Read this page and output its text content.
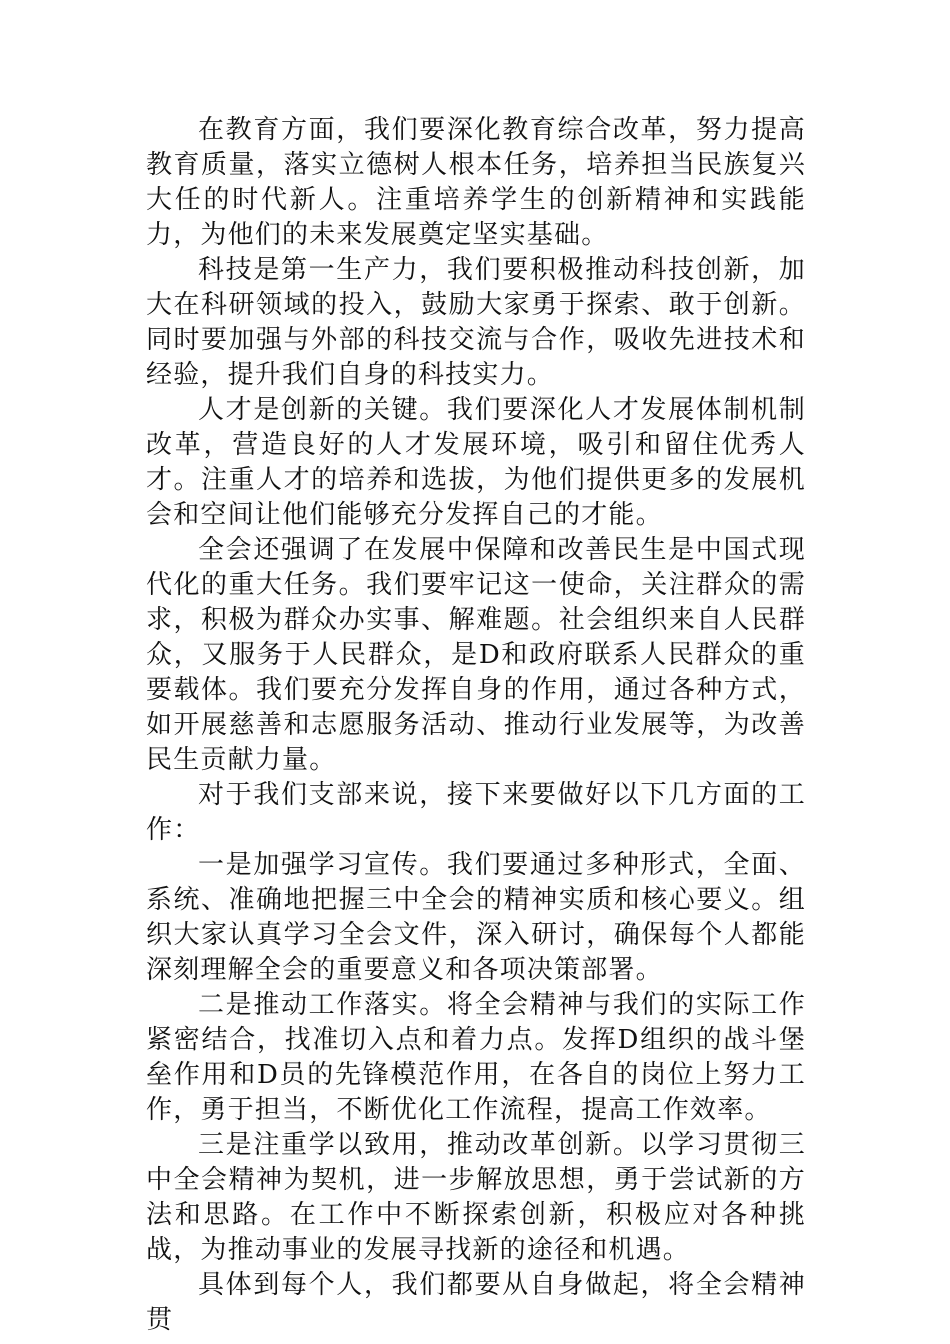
在教育方面，我们要深化教育综合改革，努力提高教育质量，落实立德树人根本任务，培养担当民族复兴大任的时代新人。注重培养学生的创新精神和实践能力，为他们的未来发展奠定坚实基础。

科技是第一生产力，我们要积极推动科技创新，加大在科研领域的投入，鼓励大家勇于探索、敢于创新。同时要加强与外部的科技交流与合作，吸收先进技术和经验，提升我们自身的科技实力。

人才是创新的关键。我们要深化人才发展体制机制改革，营造良好的人才发展环境，吸引和留住优秀人才。注重人才的培养和选拔，为他们提供更多的发展机会和空间让他们能够充分发挥自己的才能。

全会还强调了在发展中保障和改善民生是中国式现代化的重大任务。我们要牢记这一使命，关注群众的需求，积极为群众办实事、解难题。社会组织来自人民群众，又服务于人民群众，是D和政府联系人民群众的重要载体。我们要充分发挥自身的作用，通过各种方式，如开展慈善和志愿服务活动、推动行业发展等，为改善民生贡献力量。

对于我们支部来说，接下来要做好以下几方面的工作：

一是加强学习宣传。我们要通过多种形式，全面、系统、准确地把握三中全会的精神实质和核心要义。组织大家认真学习全会文件，深入研讨，确保每个人都能深刻理解全会的重要意义和各项决策部署。

二是推动工作落实。将全会精神与我们的实际工作紧密结合，找准切入点和着力点。发挥D组织的战斗堡垒作用和D员的先锋模范作用，在各自的岗位上努力工作，勇于担当，不断优化工作流程，提高工作效率。

三是注重学以致用，推动改革创新。以学习贯彻三中全会精神为契机，进一步解放思想，勇于尝试新的方法和思路。在工作中不断探索创新，积极应对各种挑战，为推动事业的发展寻找新的途径和机遇。

具体到每个人，我们都要从自身做起，将全会精神贯
